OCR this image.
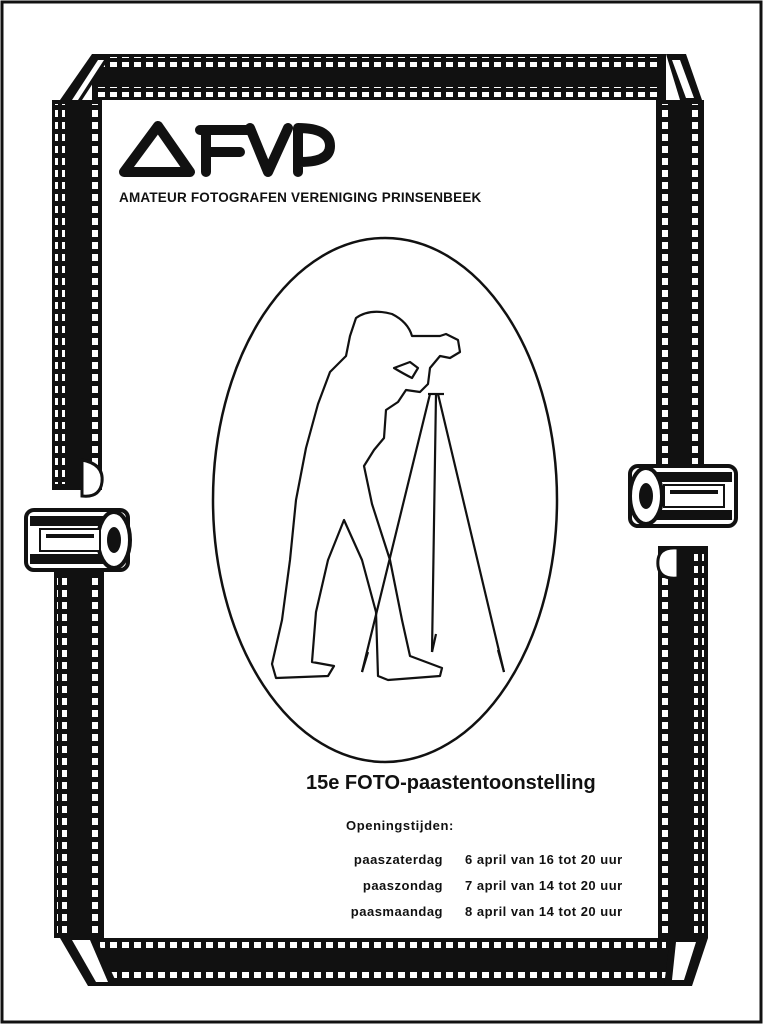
AMATEUR FOTOGRAFEN VERENIGING PRINSENBEEK
15e FOTO-paastentoonstelling
Openingstijden:
paaszaterdag	6 april van 16 tot 20 uur
paaszondag	7 april van 14 tot 20 uur
paasmaandag	8 april van 14 tot 20 uur
